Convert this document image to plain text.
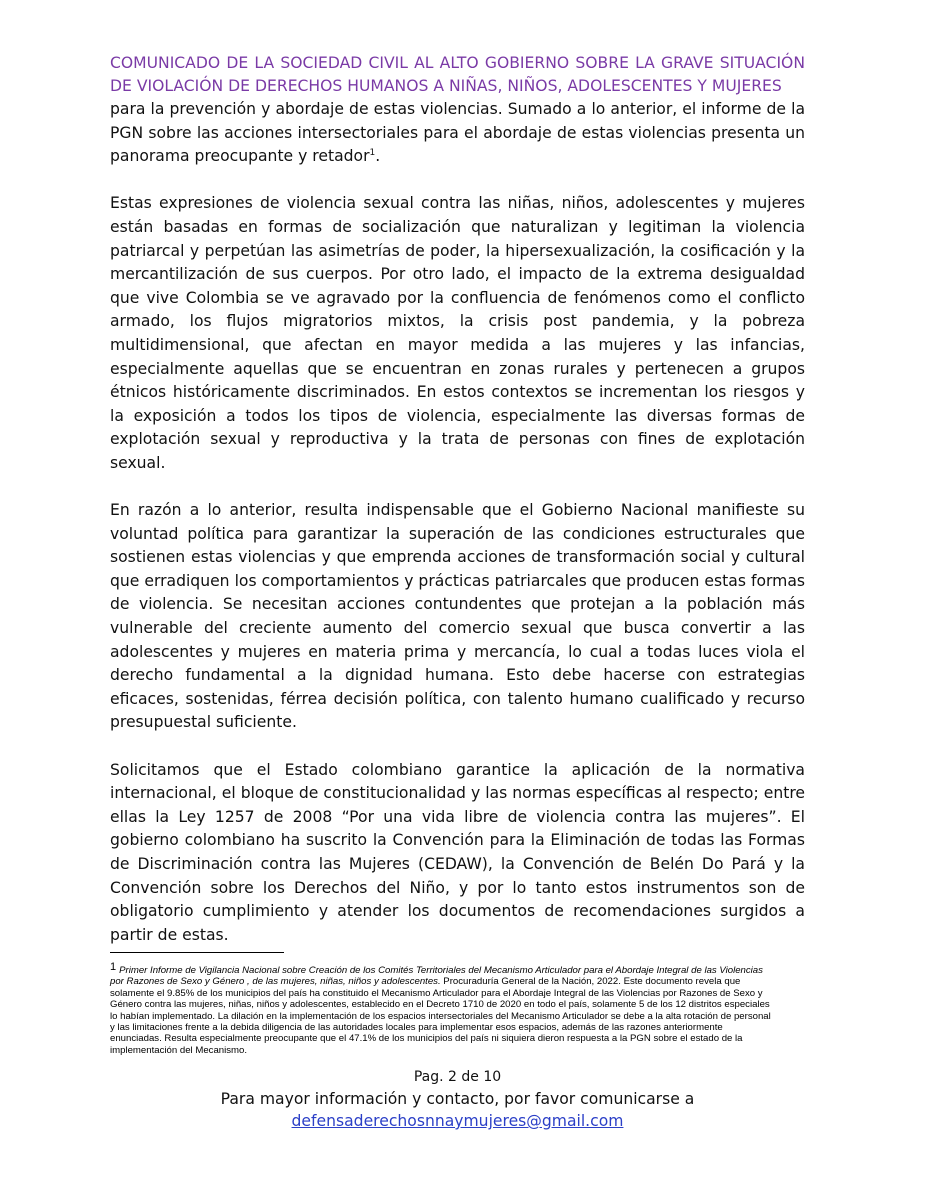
COMUNICADO DE LA SOCIEDAD CIVIL AL ALTO GOBIERNO SOBRE LA GRAVE SITUACIÓN DE VIOLACIÓN DE DERECHOS HUMANOS A NIÑAS, NIÑOS, ADOLESCENTES Y MUJERES

para la prevención y abordaje de estas violencias. Sumado a lo anterior, el informe de la PGN sobre las acciones intersectoriales para el abordaje de estas violencias presenta un panorama preocupante y retador$^1$.

Estas expresiones de violencia sexual contra las niñas, niños, adolescentes y mujeres están basadas en formas de socialización que naturalizan y legitiman la violencia patriarcal y perpetúan las asimetrías de poder, la hipersexualización, la cosificación y la mercantilización de sus cuerpos. Por otro lado, el impacto de la extrema desigualdad que vive Colombia se ve agravado por la confluencia de fenómenos como el conflicto armado, los flujos migratorios mixtos, la crisis post pandemia, y la pobreza multidimensional, que afectan en mayor medida a las mujeres y las infancias, especialmente aquellas que se encuentran en zonas rurales y pertenecen a grupos étnicos históricamente discriminados. En estos contextos se incrementan los riesgos y la exposición a todos los tipos de violencia, especialmente las diversas formas de explotación sexual y reproductiva y la trata de personas con fines de explotación sexual.

En razón a lo anterior, resulta indispensable que el Gobierno Nacional manifieste su voluntad política para garantizar la superación de las condiciones estructurales que sostienen estas violencias y que emprenda acciones de transformación social y cultural que erradiquen los comportamientos y prácticas patriarcales que producen estas formas de violencia. Se necesitan acciones contundentes que protejan a la población más vulnerable del creciente aumento del comercio sexual que busca convertir a las adolescentes y mujeres en materia prima y mercancía, lo cual a todas luces viola el derecho fundamental a la dignidad humana. Esto debe hacerse con estrategias eficaces, sostenidas, férrea decisión política, con talento humano cualificado y recurso presupuestal suficiente.

Solicitamos que el Estado colombiano garantice la aplicación de la normativa internacional, el bloque de constitucionalidad y las normas específicas al respecto; entre ellas la Ley 1257 de 2008 “Por una vida libre de violencia contra las mujeres”. El gobierno colombiano ha suscrito la Convención para la Eliminación de todas las Formas de Discriminación contra las Mujeres (CEDAW), la Convención de Belén Do Pará y la Convención sobre los Derechos del Niño, y por lo tanto estos instrumentos son de obligatorio cumplimiento y atender los documentos de recomendaciones surgidos a partir de estas.

1 Primer Informe de Vigilancia Nacional sobre Creación de los Comités Territoriales del Mecanismo Articulador para el Abordaje Integral de las Violencias por Razones de Sexo y Género , de las mujeres, niñas, niños y adolescentes. Procuraduría General de la Nación, 2022. Este documento revela que solamente el 9.85% de los municipios del país ha constituido el Mecanismo Articulador para el Abordaje Integral de las Violencias por Razones de Sexo y Género contra las mujeres, niñas, niños y adolescentes, establecido en el Decreto 1710 de 2020 en todo el país, solamente 5 de los 12 distritos especiales lo habían implementado. La dilación en la implementación de los espacios intersectoriales del Mecanismo Articulador se debe a la alta rotación de personal y las limitaciones frente a la debida diligencia de las autoridades locales para implementar esos espacios, además de las razones anteriormente enunciadas. Resulta especialmente preocupante que el 47.1% de los municipios del país ni siquiera dieron respuesta a la PGN sobre el estado de la implementación del Mecanismo.
Pag. 2 de 10
Para mayor información y contacto, por favor comunicarse a
defensaderechosnnaymujeres@gmail.com
